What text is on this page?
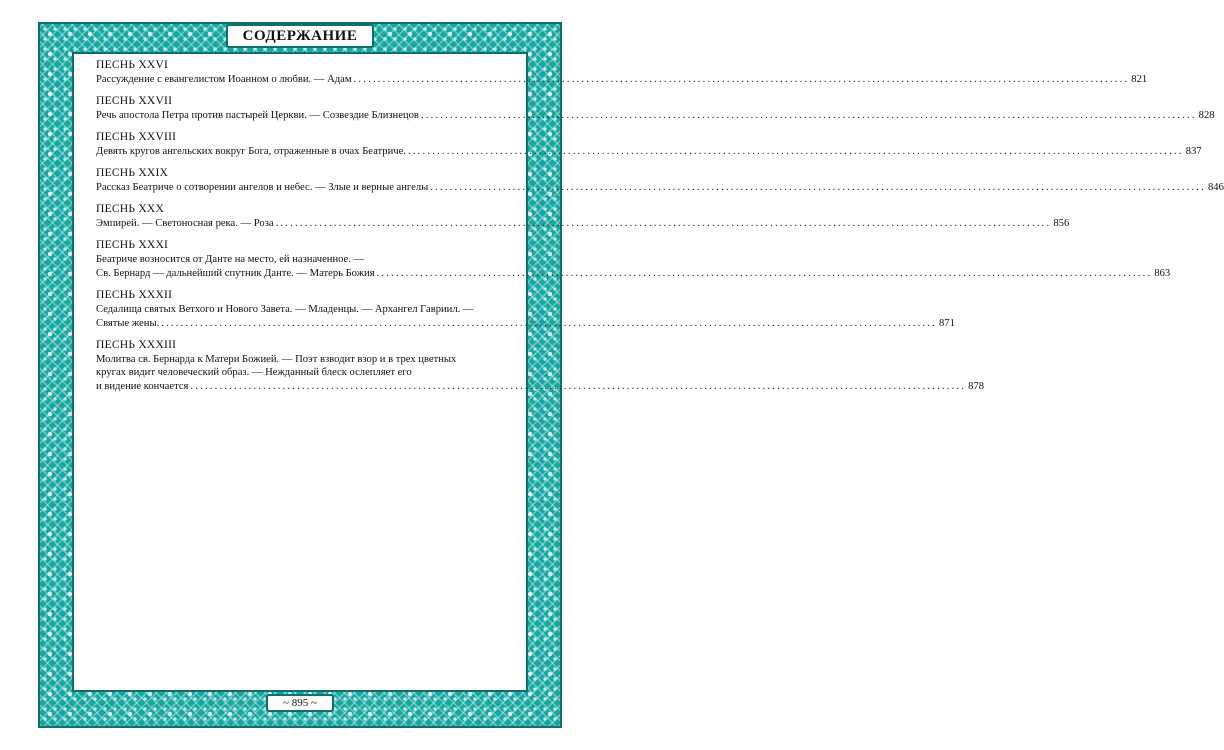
СОДЕРЖАНИЕ
ПЕСНЬ XXVI
Рассуждение с евангелистом Иоанном о любви. — Адам ................................................................................................................................................................ 821
ПЕСНЬ XXVII
Речь апостола Петра против пастырей Церкви. — Созвездие Близнецов ................................................................................................................................................................ 828
ПЕСНЬ XXVIII
Девять кругов ангельских вокруг Бога, отраженные в очах Беатриче. ................................................................................................................................................................ 837
ПЕСНЬ XXIX
Рассказ Беатриче о сотворении ангелов и небес. — Злые и верные ангелы ................................................................................................................................................................ 846
ПЕСНЬ XXX
Эмпирей. — Светоносная река. — Роза ................................................................................................................................................................ 856
ПЕСНЬ XXXI
Беатриче возносится от Данте на место, ей назначенное. —
Св. Бернард — дальнейший спутник Данте. — Матерь Божия ................................................................................................................................................................ 863
ПЕСНЬ XXXII
Седалища святых Ветхого и Нового Завета. — Младенцы. — Архангел Гавриил. —
Святые жены. ................................................................................................................................................................ 871
ПЕСНЬ XXXIII
Молитва св. Бернарда к Матери Божией. — Поэт взводит взор и в трех цветных
кругах видит человеческий образ. — Нежданный блеск ослепляет его
и видение кончается ................................................................................................................................................................ 878
~ 895 ~
